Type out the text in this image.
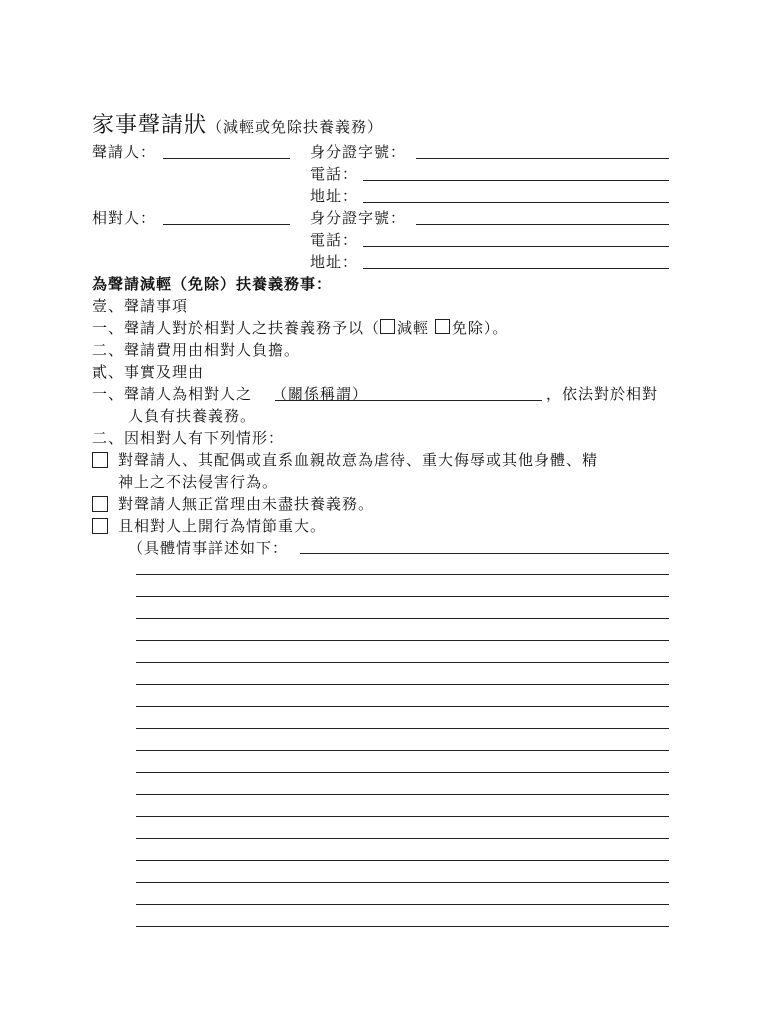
家事聲請狀（減輕或免除扶養義務）
聲請人：	身分證字號：
電話：
地址：
相對人：	身分證字號：
電話：
地址：
為聲請減輕（免除）扶養義務事：
壹、聲請事項
一、聲請人對於相對人之扶養義務予以（ 減輕 免除）。
二、聲請費用由相對人負擔。
貳、事實及理由
一、聲請人為相對人之 （關係稱謂）	，依法對於相對
人負有扶養義務。
二、因相對人有下列情形：
對聲請人、其配偶或直系血親故意為虐待、重大侮辱或其他身體、精
神上之不法侵害行為。
對聲請人無正當理由未盡扶養義務。
且相對人上開行為情節重大。
（具體情事詳述如下：
